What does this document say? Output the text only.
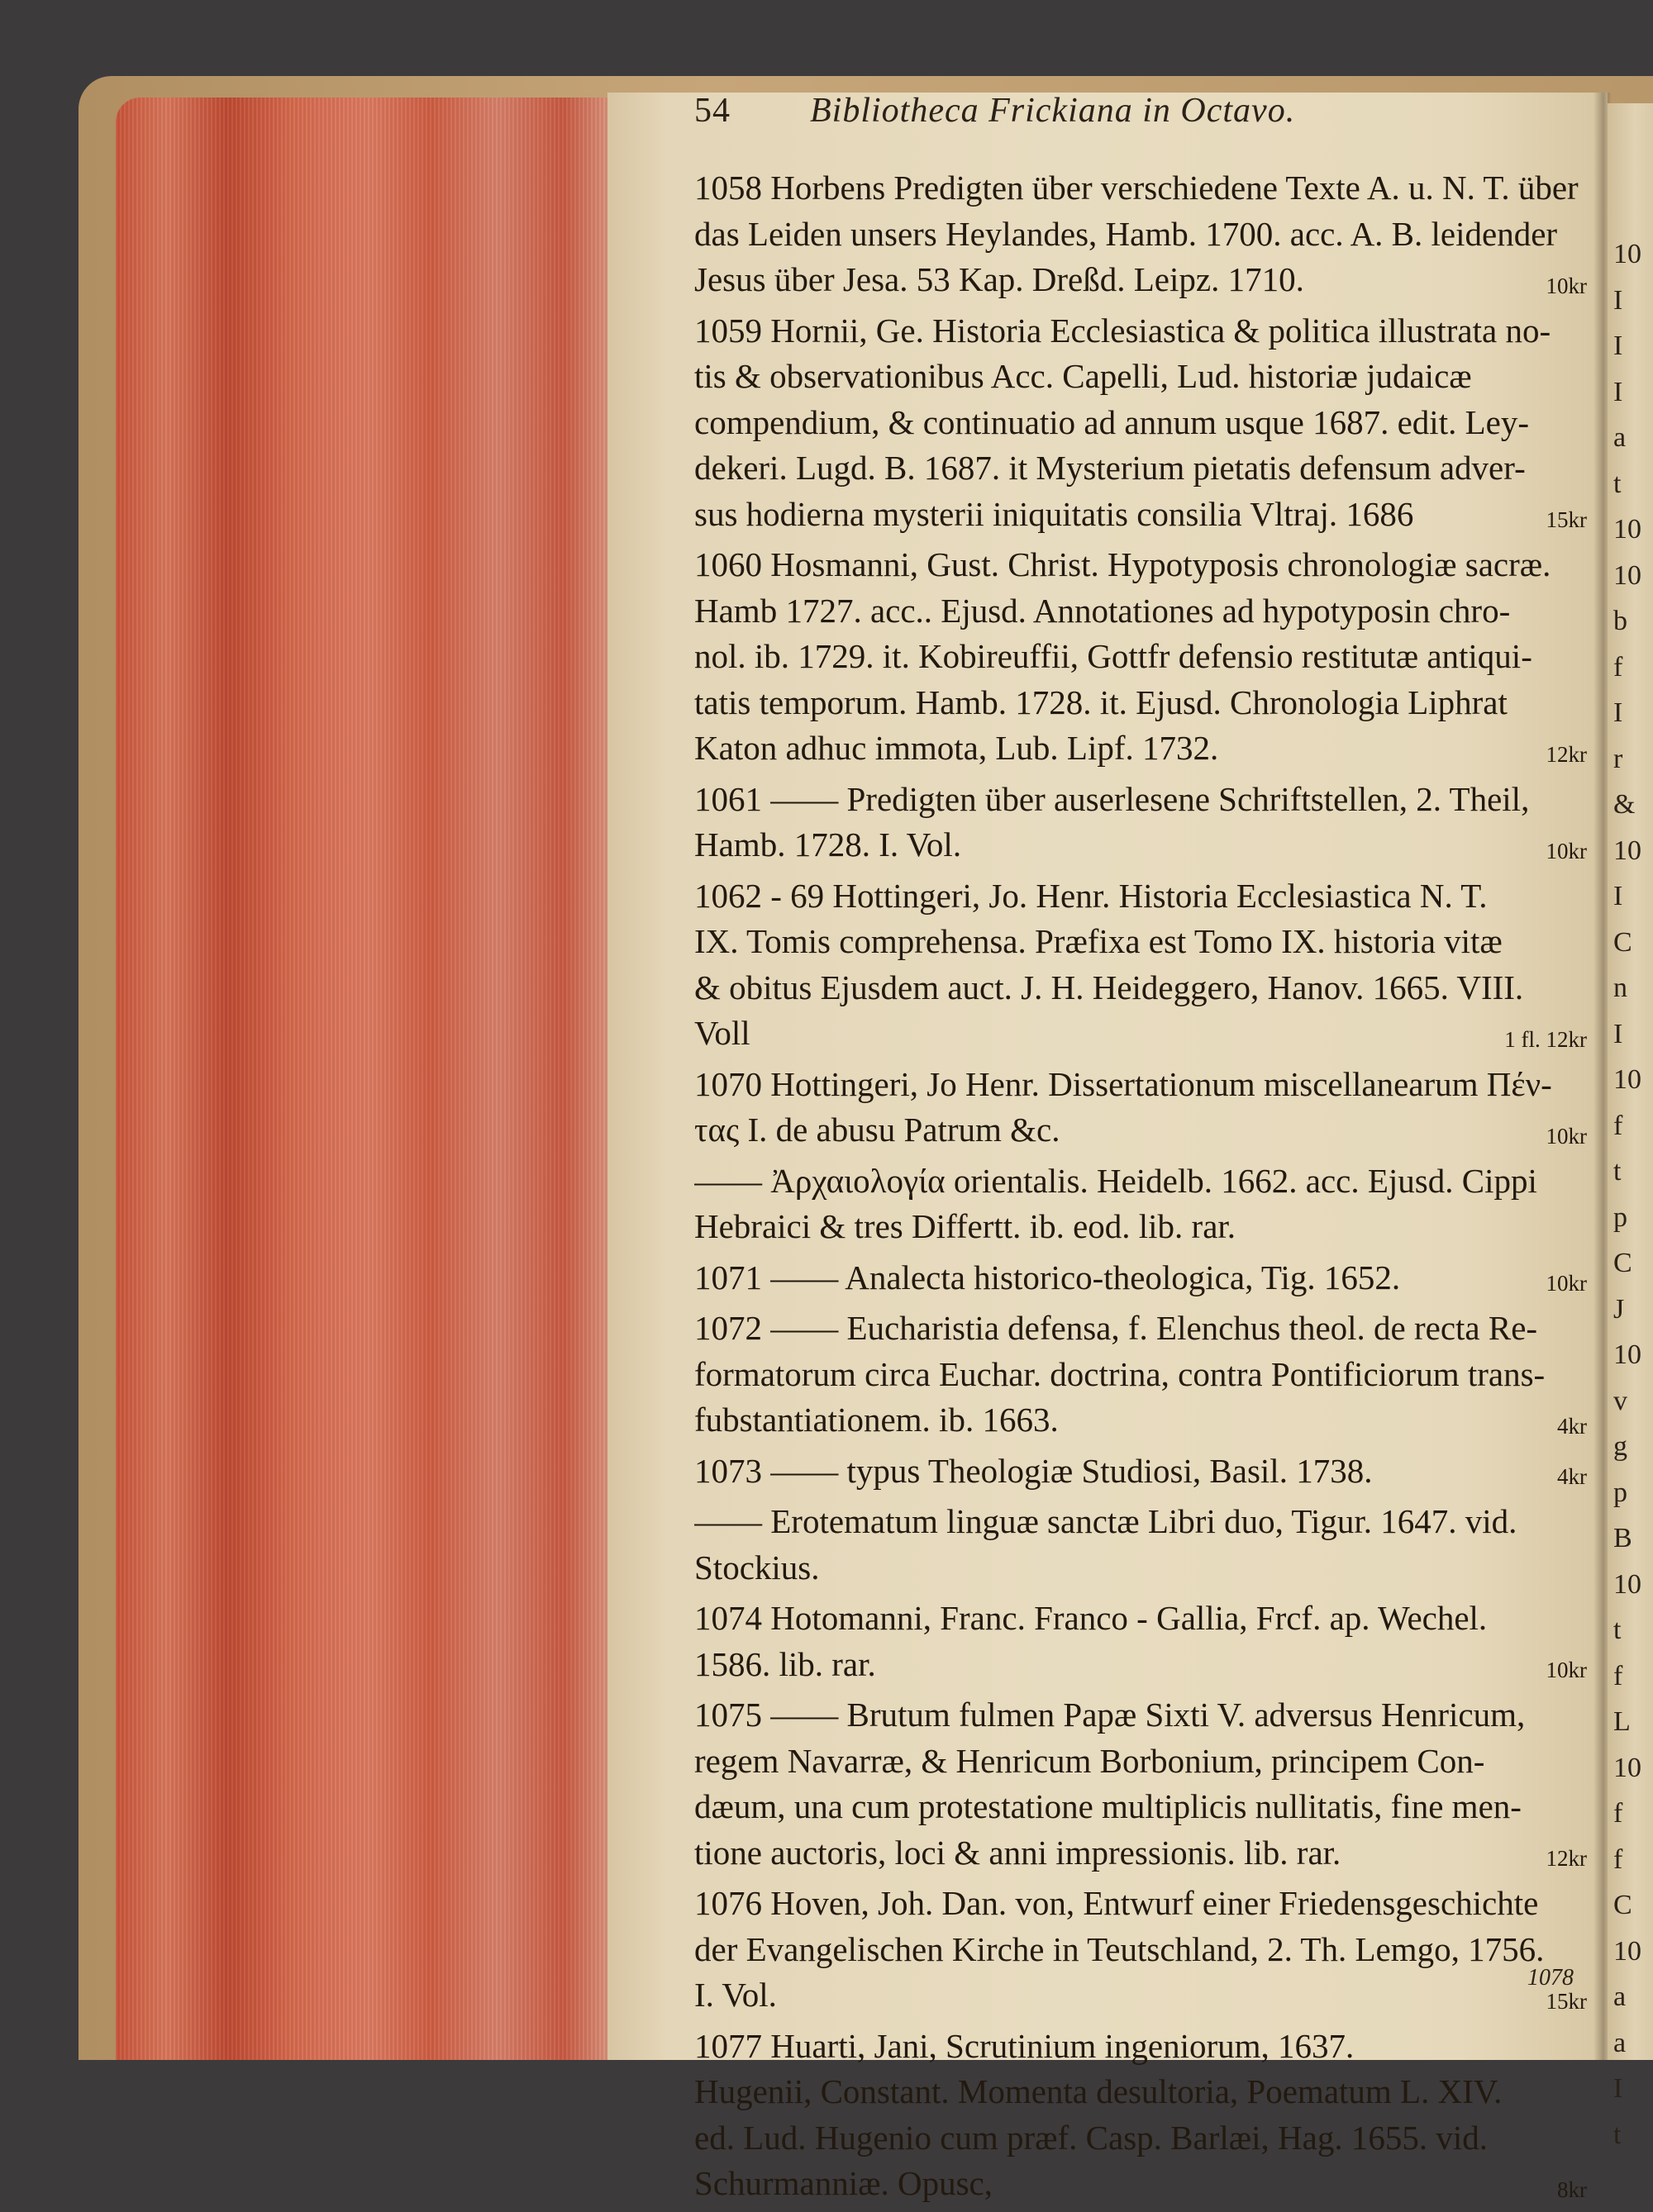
54 Bibliotheca Frickiana in Octavo.
1058 Horbens Predigten über verschiedene Texte A. u. N. T. über
das Leiden unsers Heylandes, Hamb. 1700. acc. A. B. leidender
Jesus über Jesa. 53 Kap. Dreßd. Leipz. 1710.	10kr
1059 Hornii, Ge. Historia Ecclesiastica & politica illustrata no-
tis & observationibus Acc. Capelli, Lud. historiæ judaicæ
compendium, & continuatio ad annum usque 1687. edit. Ley-
dekeri. Lugd. B. 1687. it Mysterium pietatis defensum adver-
sus hodierna mysterii iniquitatis consilia Vltraj. 1686	15kr
1060 Hosmanni, Gust. Christ. Hypotyposis chronologiæ sacræ.
Hamb 1727. acc.. Ejusd. Annotationes ad hypotyposin chro-
nol. ib. 1729. it. Kobireuffii, Gottfr defensio restitutæ antiqui-
tatis temporum. Hamb. 1728. it. Ejusd. Chronologia Liphrat
Katon adhuc immota, Lub. Lipf. 1732.	12kr
1061 —— Predigten über auserlesene Schriftstellen, 2. Theil,
Hamb. 1728. I. Vol.	10kr
1062 - 69 Hottingeri, Jo. Henr. Historia Ecclesiastica N. T.
IX. Tomis comprehensa. Præfixa est Tomo IX. historia vitæ
& obitus Ejusdem auct. J. H. Heideggero, Hanov. 1665. VIII.
Voll	1 fl. 12kr
1070 Hottingeri, Jo Henr. Dissertationum miscellanearum Πέν-
τας I. de abusu Patrum &c.	10kr
—— Ἀρχαιολογία orientalis. Heidelb. 1662. acc. Ejusd. Cippi
Hebraici & tres Differtt. ib. eod. lib. rar.
1071 —— Analecta historico-theologica, Tig. 1652.	10kr
1072 —— Eucharistia defensa, f. Elenchus theol. de recta Re-
formatorum circa Euchar. doctrina, contra Pontificiorum trans-
fubstantiationem. ib. 1663.	4kr
1073 —— typus Theologiæ Studiosi, Basil. 1738.	4kr
—— Erotematum linguæ sanctæ Libri duo, Tigur. 1647. vid.
Stockius.
1074 Hotomanni, Franc. Franco - Gallia, Frcf. ap. Wechel.
1586. lib. rar.	10kr
1075 —— Brutum fulmen Papæ Sixti V. adversus Henricum,
regem Navarræ, & Henricum Borbonium, principem Con-
dæum, una cum protestatione multiplicis nullitatis, fine men-
tione auctoris, loci & anni impressionis. lib. rar.	12kr
1076 Hoven, Joh. Dan. von, Entwurf einer Friedensgeschichte
der Evangelischen Kirche in Teutschland, 2. Th. Lemgo, 1756.
I. Vol.	15kr
1077 Huarti, Jani, Scrutinium ingeniorum, 1637.
Hugenii, Constant. Momenta desultoria, Poematum L. XIV.
ed. Lud. Hugenio cum præf. Casp. Barlæi, Hag. 1655. vid.
Schurmanniæ. Opusc,	8kr
10
I
I
I
a
t
10
10
b
f
I
r
&
10
I
C
n
I
10
f
t
p
C
J
10
v
g
p
B
10
t
f
L
10
f
f
C
10
a
a
I
t
1078
